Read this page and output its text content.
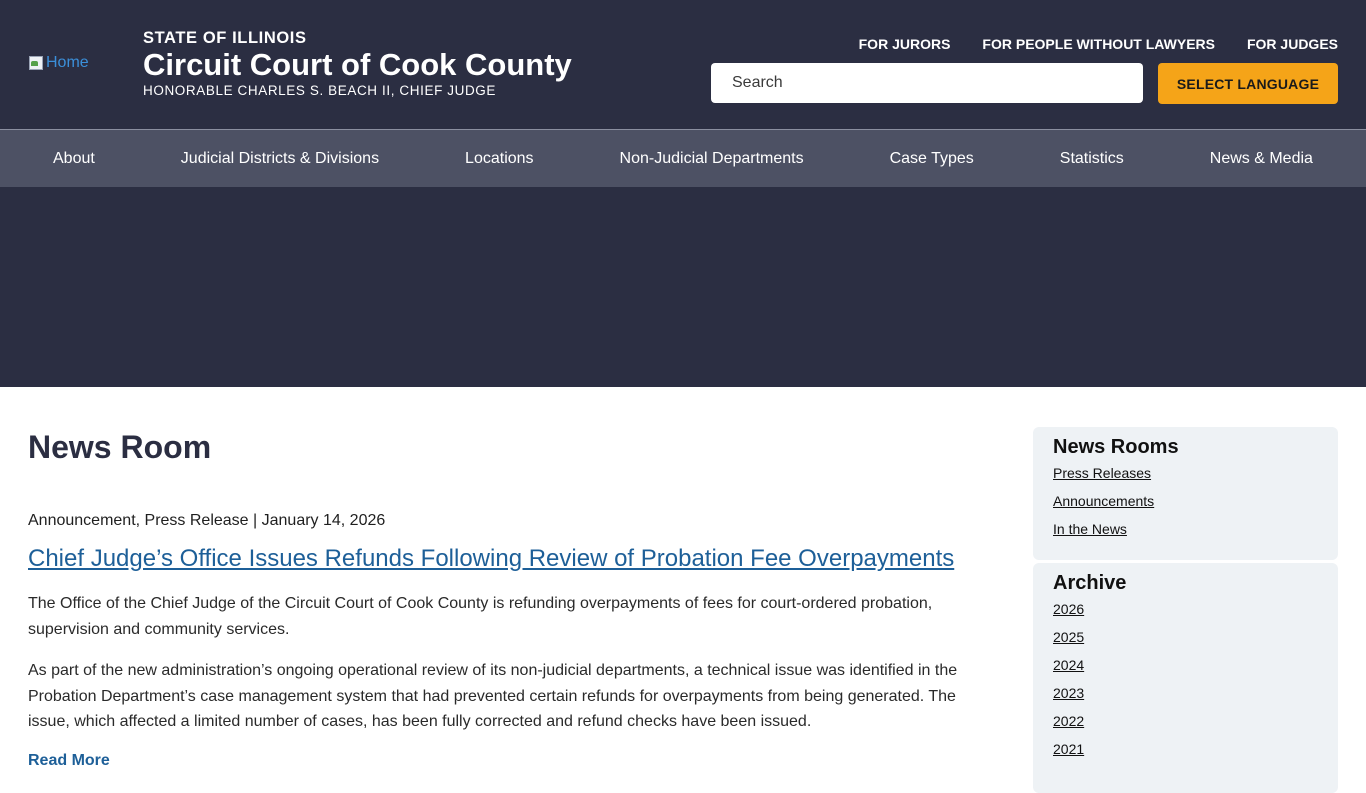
Home
STATE OF ILLINOIS
Circuit Court of Cook County
HONORABLE CHARLES S. BEACH II, CHIEF JUDGE
FOR JURORS FOR PEOPLE WITHOUT LAWYERS FOR JUDGES
Search
SELECT LANGUAGE
About	Judicial Districts & Divisions	Locations	Non-Judicial Departments	Case Types	Statistics	News & Media
News Room
Announcement, Press Release | January 14, 2026
Chief Judge’s Office Issues Refunds Following Review of Probation Fee Overpayments

The Office of the Chief Judge of the Circuit Court of Cook County is refunding overpayments of fees for court-ordered probation, supervision and community services.

As part of the new administration’s ongoing operational review of its non-judicial departments, a technical issue was identified in the Probation Department’s case management system that had prevented certain refunds for overpayments from being generated. The issue, which affected a limited number of cases, has been fully corrected and refund checks have been issued.

Read More
News Rooms
Press Releases
Announcements
In the News
Archive
2026
2025
2024
2023
2022
2021
